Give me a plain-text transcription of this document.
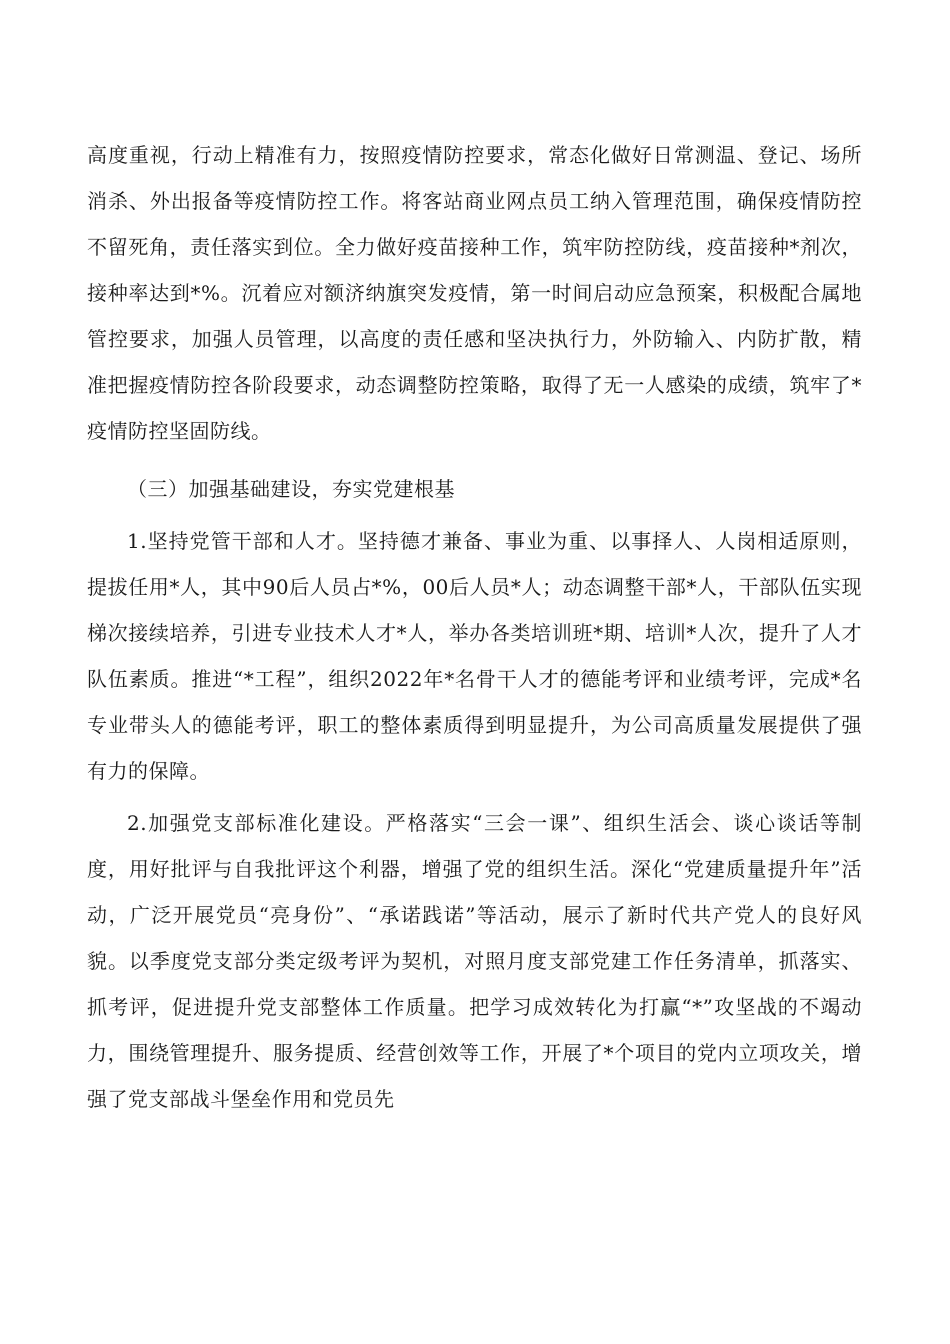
高度重视，行动上精准有力，按照疫情防控要求，常态化做好日常测温、登记、场所消杀、外出报备等疫情防控工作。将客站商业网点员工纳入管理范围，确保疫情防控不留死角，责任落实到位。全力做好疫苗接种工作，筑牢防控防线，疫苗接种*剂次，接种率达到*%。沉着应对额济纳旗突发疫情，第一时间启动应急预案，积极配合属地管控要求，加强人员管理，以高度的责任感和坚决执行力，外防输入、内防扩散，精准把握疫情防控各阶段要求，动态调整防控策略，取得了无一人感染的成绩，筑牢了*疫情防控坚固防线。

（三）加强基础建设，夯实党建根基

1.坚持党管干部和人才。坚持德才兼备、事业为重、以事择人、人岗相适原则，提拔任用*人，其中90后人员占*%，00后人员*人；动态调整干部*人，干部队伍实现梯次接续培养，引进专业技术人才*人，举办各类培训班*期、培训*人次，提升了人才队伍素质。推进“*工程”，组织2022年*名骨干人才的德能考评和业绩考评，完成*名专业带头人的德能考评，职工的整体素质得到明显提升，为公司高质量发展提供了强有力的保障。

2.加强党支部标准化建设。严格落实“三会一课”、组织生活会、谈心谈话等制度，用好批评与自我批评这个利器，增强了党的组织生活。深化“党建质量提升年”活动，广泛开展党员“亮身份”、“承诺践诺”等活动，展示了新时代共产党人的良好风貌。以季度党支部分类定级考评为契机，对照月度支部党建工作任务清单，抓落实、抓考评，促进提升党支部整体工作质量。把学习成效转化为打赢“*”攻坚战的不竭动力，围绕管理提升、服务提质、经营创效等工作，开展了*个项目的党内立项攻关，增强了党支部战斗堡垒作用和党员先
